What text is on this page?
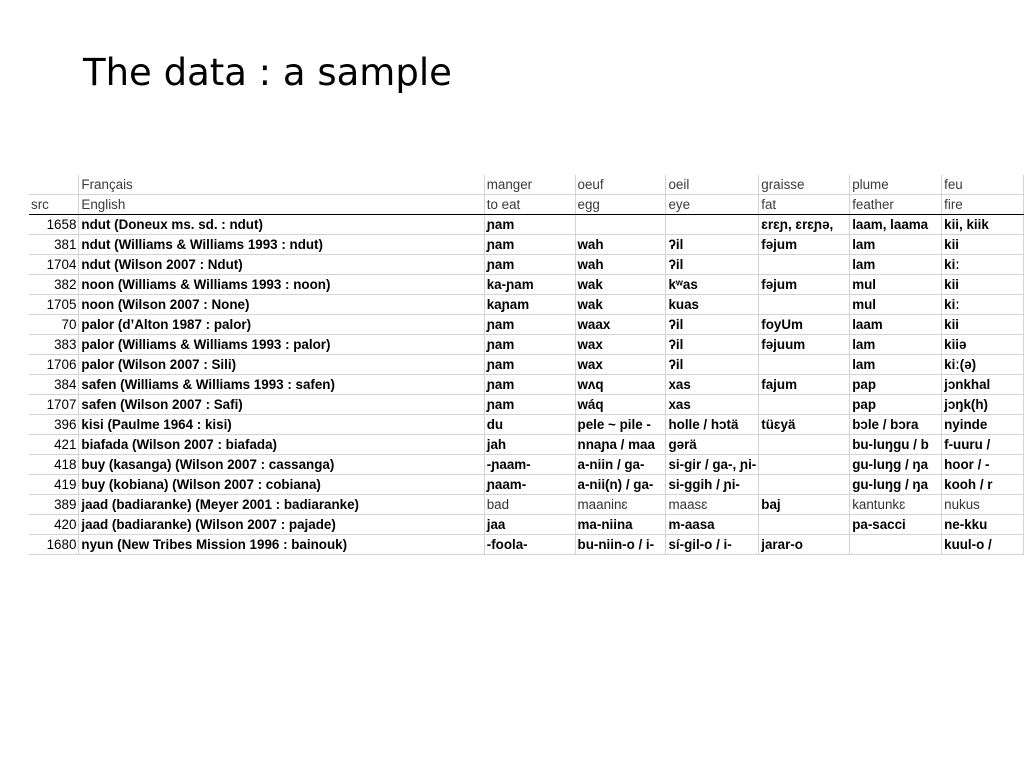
The data : a sample
	Français	manger	oeuf	oeil	graisse	plume	feu
src	English	to eat	egg	eye	fat	feather	fire
1658	ndut (Doneux ms. sd. : ndut)	ɲam			ɛrɛɲ, ɛrɛɲə,	laam, laama	kii, kiik
381	ndut (Williams & Williams 1993 : ndut)	ɲam	wah	ʔil	fəjum	lam	kii
1704	ndut (Wilson 2007 : Ndut)	ɲam	wah	ʔil		lam	kiː
382	noon (Williams & Williams 1993 : noon)	ka-ɲam	wak	kʷas	fəjum	mul	kii
1705	noon (Wilson 2007 : None)	kaɲam	wak	kuas		mul	kiː
70	palor (d’Alton 1987 : palor)	ɲam	waax	ʔil	foyUm	laam	kii
383	palor (Williams & Williams 1993 : palor)	ɲam	wax	ʔil	fəjuum	lam	kiiə
1706	palor (Wilson 2007 : Sili)	ɲam	wax	ʔil		lam	kiː(ə)
384	safen (Williams & Williams 1993 : safen)	ɲam	wʌq	xas	fajum	pap	jɔnkhal
1707	safen (Wilson 2007 : Safi)	ɲam	wáq	xas		pap	jɔŋk(h)
396	kisi (Paulme 1964 : kisi)	du	pele ~ pile -	holle / hɔtä	tüɛyä	bɔle / bɔra	nyinde
421	biafada (Wilson 2007 : biafada)	jah	nnaɲa / maa	gərä		bu-luŋgu / b	f-uuru /
418	buy (kasanga) (Wilson 2007 : cassanga)	-ɲaam-	a-niin / ga-	si-gir / ga-, ɲi-		gu-luŋg / ŋa	hoor / -
419	buy (kobiana) (Wilson 2007 : cobiana)	ɲaam-	a-nii(n) / ga-	si-ggih / ɲi-		gu-luŋg / ŋa	kooh / r
389	jaad (badiaranke) (Meyer 2001 : badiaranke)	bad	maaninɛ	maasɛ	baj	kantunkɛ	nukus
420	jaad (badiaranke) (Wilson 2007 : pajade)	jaa	ma-niina	m-aasa		pa-sacci	ne-kku
1680	nyun (New Tribes Mission 1996 : bainouk)	-foola-	bu-niin-o / i-	sí-gil-o / i-	jarar-o		kuul-o /
